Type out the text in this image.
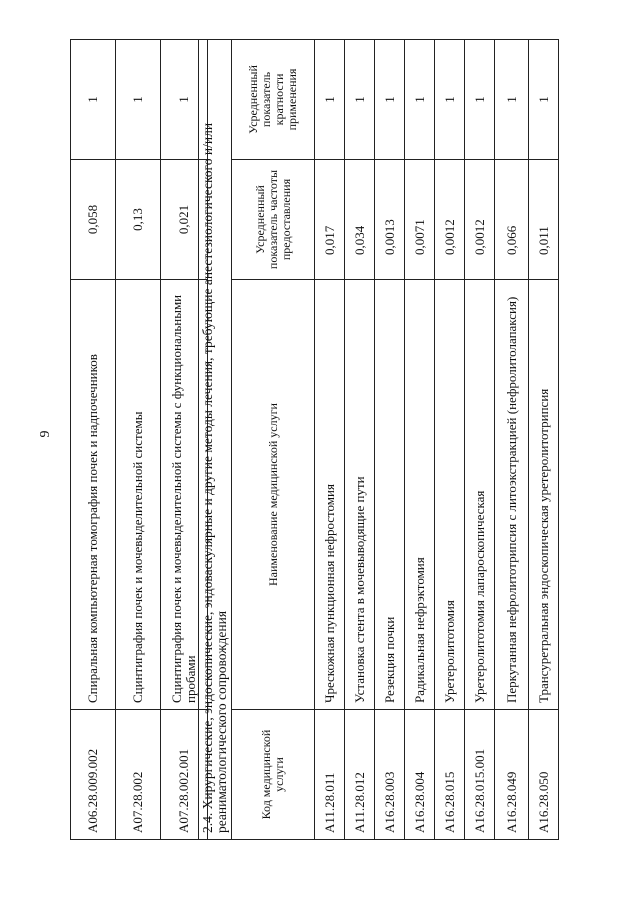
9
A06.28.009.002	Спиральная компьютерная томография почек и надпочечников	0,058	1
A07.28.002	Сцинтиграфия почек и мочевыделительной системы	0,13	1
A07.28.002.001	Сцинтиграфия почек и мочевыделительной системы с функциональными пробами	0,021	1
2.4. Хирургические, эндоскопические, эндоваскулярные и другие методы лечения, требующие анестезиологического и/или реаниматологического сопровождения			
Код медицинской услуги	Наименование медицинской услуги	Усредненный показатель частоты предоставления	Усредненный показатель кратности применения
A11.28.011	Чрескожная пункционная нефростомия	0,017	1
A11.28.012	Установка стента в мочевыводящие пути	0,034	1
A16.28.003	Резекция почки	0,0013	1
A16.28.004	Радикальная нефрэктомия	0,0071	1
A16.28.015	Уретеролитотомия	0,0012	1
A16.28.015.001	Уретеролитотомия лапароскопическая	0,0012	1
A16.28.049	Перкутанная нефролитотрипсия с литоэкстракцией (нефролитолапаксия)	0,066	1
A16.28.050	Трансуретральная эндоскопическая уретеролитотрипсия	0,011	1
